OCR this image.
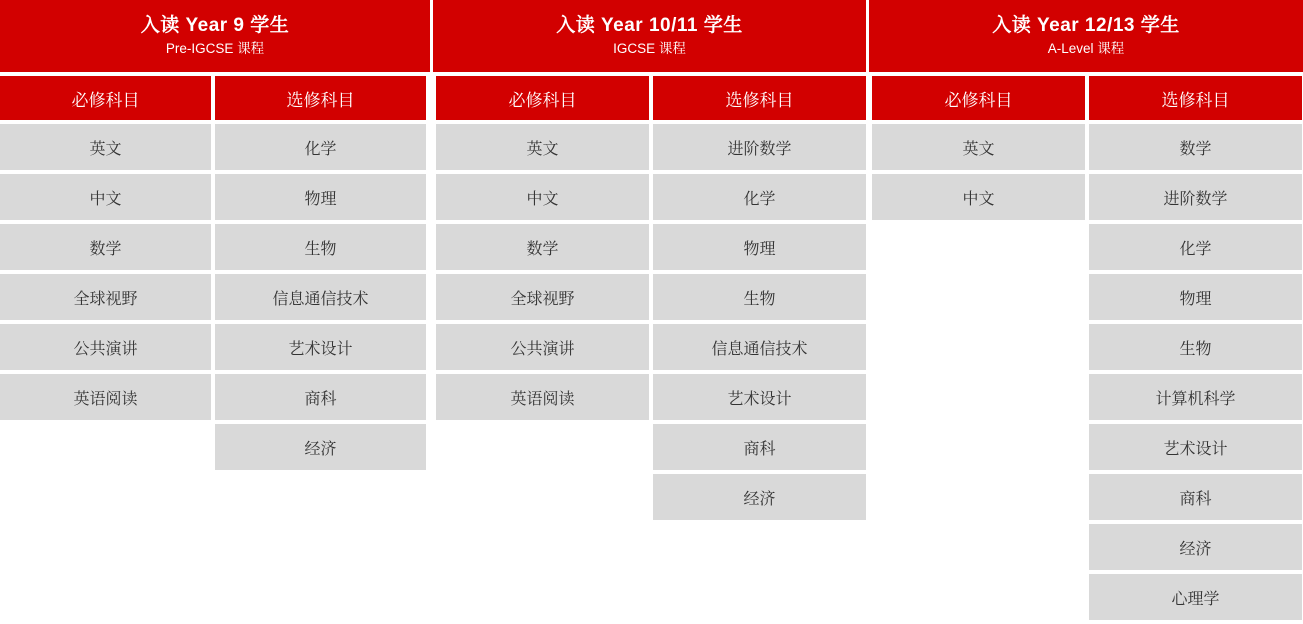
入读 Year 9 学生
Pre-IGCSE 课程
必修科目
英文
中文
数学
全球视野
公共演讲
英语阅读
选修科目
化学
物理
生物
信息通信技术
艺术设计
商科
经济
入读 Year 10/11 学生
IGCSE 课程
必修科目
英文
中文
数学
全球视野
公共演讲
英语阅读
选修科目
进阶数学
化学
物理
生物
信息通信技术
艺术设计
商科
经济
入读 Year 12/13 学生
A-Level 课程
必修科目
英文
中文
选修科目
数学
进阶数学
化学
物理
生物
计算机科学
艺术设计
商科
经济
心理学
